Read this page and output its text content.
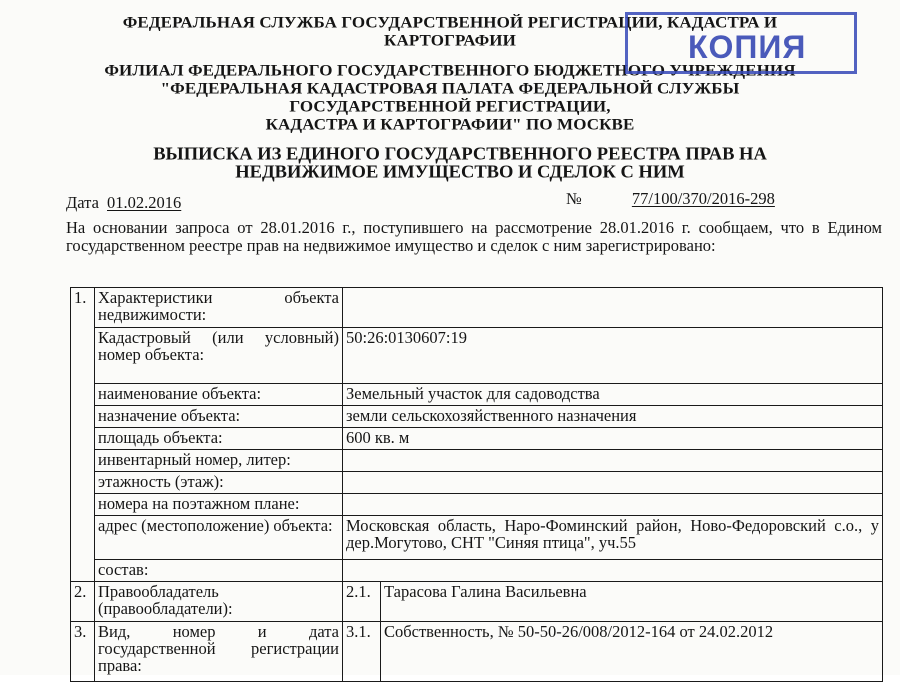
ФЕДЕРАЛЬНАЯ СЛУЖБА ГОСУДАРСТВЕННОЙ РЕГИСТРАЦИИ, КАДАСТРА И

КАРТОГРАФИИ

ФИЛИАЛ ФЕДЕРАЛЬНОГО ГОСУДАРСТВЕННОГО БЮДЖЕТНОГО УЧРЕЖДЕНИЯ

"ФЕДЕРАЛЬНАЯ КАДАСТРОВАЯ ПАЛАТА ФЕДЕРАЛЬНОЙ СЛУЖБЫ

ГОСУДАРСТВЕННОЙ РЕГИСТРАЦИИ,

КАДАСТРА И КАРТОГРАФИИ" ПО МОСКВЕ

КОПИЯ

ВЫПИСКА ИЗ ЕДИНОГО ГОСУДАРСТВЕННОГО РЕЕСТРА ПРАВ НА

НЕДВИЖИМОЕ ИМУЩЕСТВО И СДЕЛОК С НИМ

Дата 01.02.2016	№	77/100/370/2016-298

На основании запроса от 28.01.2016 г., поступившего на рассмотрение 28.01.2016 г. сообщаем, что в Едином государственном реестре прав на недвижимое имущество и сделок с ним зарегистрировано:

1.	Характеристики объекта недвижимости:		
	Кадастровый (или условный) номер объекта:	50:26:0130607:19	
	наименование объекта:	Земельный участок для садоводства	
	назначение объекта:	земли сельскохозяйственного назначения	
	площадь объекта:	600 кв. м	
	инвентарный номер, литер:		
	этажность (этаж):		
	номера на поэтажном плане:		
	адрес (местоположение) объекта:	Московская область, Наро-Фоминский район, Ново-Федоровский с.о., у дер.Могутово, СНТ "Синяя птица", уч.55	
	состав:		
2.	Правообладатель (правообладатели):	2.1.	Тарасова Галина Васильевна
3.	Вид, номер и дата государственной регистрации права:	3.1.	Собственность, № 50-50-26/008/2012-164 от 24.02.2012
